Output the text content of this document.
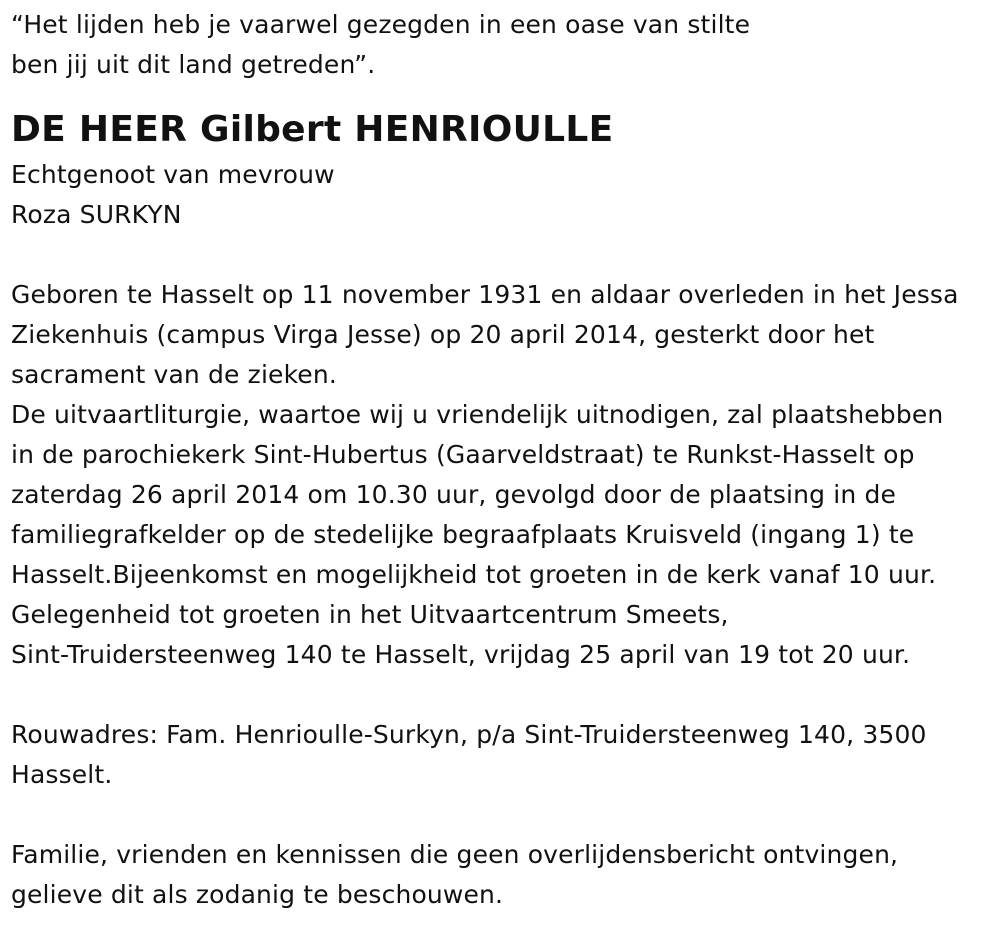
“Het lijden heb je vaarwel gezegden in een oase van stilte
ben jij uit dit land getreden”.
DE HEER Gilbert HENRIOULLE
Echtgenoot van mevrouw
Roza SURKYN
Geboren te Hasselt op 11 november 1931 en aldaar overleden in het Jessa
Ziekenhuis (campus Virga Jesse) op 20 april 2014, gesterkt door het
sacrament van de zieken.
De uitvaartliturgie, waartoe wij u vriendelijk uitnodigen, zal plaatshebben
in de parochiekerk Sint-Hubertus (Gaarveldstraat) te Runkst-Hasselt op
zaterdag 26 april 2014 om 10.30 uur, gevolgd door de plaatsing in de
familiegrafkelder op de stedelijke begraafplaats Kruisveld (ingang 1) te
Hasselt.Bijeenkomst en mogelijkheid tot groeten in de kerk vanaf 10 uur.
Gelegenheid tot groeten in het Uitvaartcentrum Smeets,
Sint-Truidersteenweg 140 te Hasselt, vrijdag 25 april van 19 tot 20 uur.
Rouwadres: Fam. Henrioulle-Surkyn, p/a Sint-Truidersteenweg 140, 3500
Hasselt.
Familie, vrienden en kennissen die geen overlijdensbericht ontvingen,
gelieve dit als zodanig te beschouwen.
